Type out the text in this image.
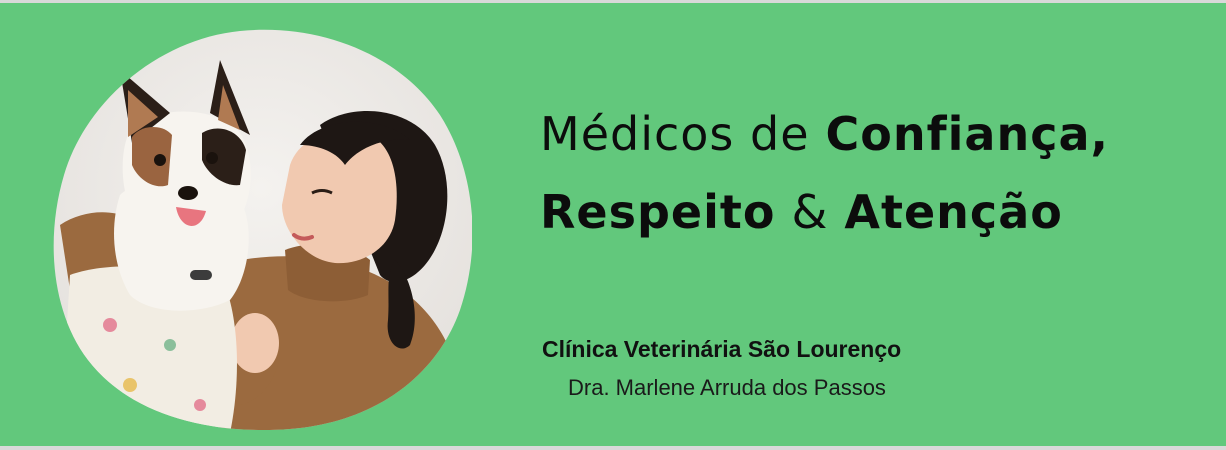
Médicos de Confiança,
Respeito & Atenção

Clínica Veterinária São Lourenço

Dra. Marlene Arruda dos Passos
